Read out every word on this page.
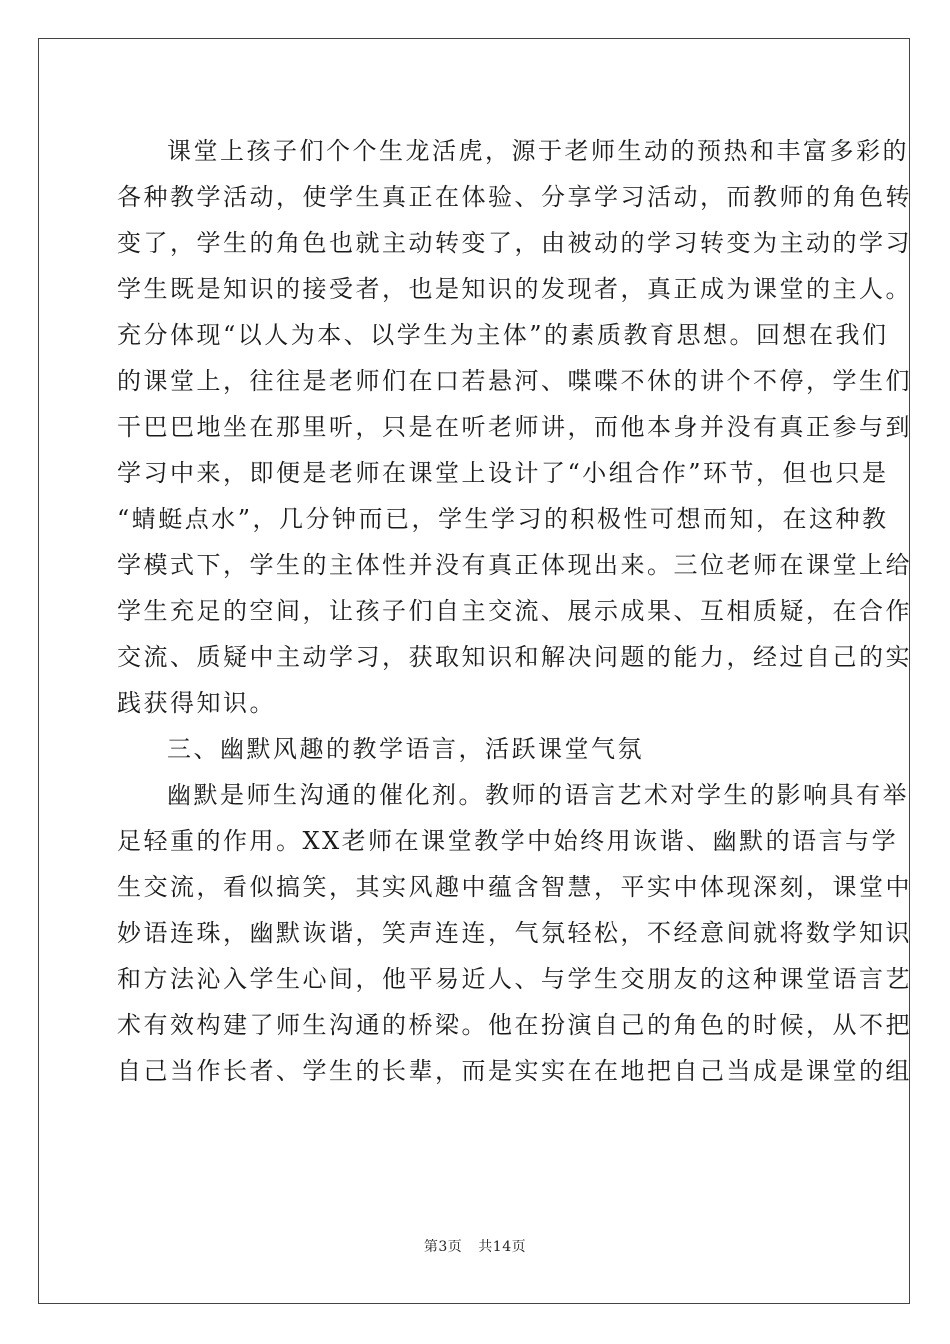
课堂上孩子们个个生龙活虎，源于老师生动的预热和丰富多彩的
各种教学活动，使学生真正在体验、分享学习活动，而教师的角色转
变了，学生的角色也就主动转变了，由被动的学习转变为主动的学习
学生既是知识的接受者，也是知识的发现者，真正成为课堂的主人。
充分体现“以人为本、以学生为主体”的素质教育思想。回想在我们
的课堂上，往往是老师们在口若悬河、喋喋不休的讲个不停，学生们
干巴巴地坐在那里听，只是在听老师讲，而他本身并没有真正参与到
学习中来，即便是老师在课堂上设计了“小组合作”环节，但也只是
“蜻蜓点水”，几分钟而已，学生学习的积极性可想而知，在这种教
学模式下，学生的主体性并没有真正体现出来。三位老师在课堂上给
学生充足的空间，让孩子们自主交流、展示成果、互相质疑，在合作
交流、质疑中主动学习，获取知识和解决问题的能力，经过自己的实
践获得知识。
三、幽默风趣的教学语言，活跃课堂气氛
幽默是师生沟通的催化剂。教师的语言艺术对学生的影响具有举
足轻重的作用。XX老师在课堂教学中始终用诙谐、幽默的语言与学
生交流，看似搞笑，其实风趣中蕴含智慧，平实中体现深刻，课堂中
妙语连珠，幽默诙谐，笑声连连，气氛轻松，不经意间就将数学知识
和方法沁入学生心间，他平易近人、与学生交朋友的这种课堂语言艺
术有效构建了师生沟通的桥梁。他在扮演自己的角色的时候，从不把
自己当作长者、学生的长辈，而是实实在在地把自己当成是课堂的组
第3页 共14页
